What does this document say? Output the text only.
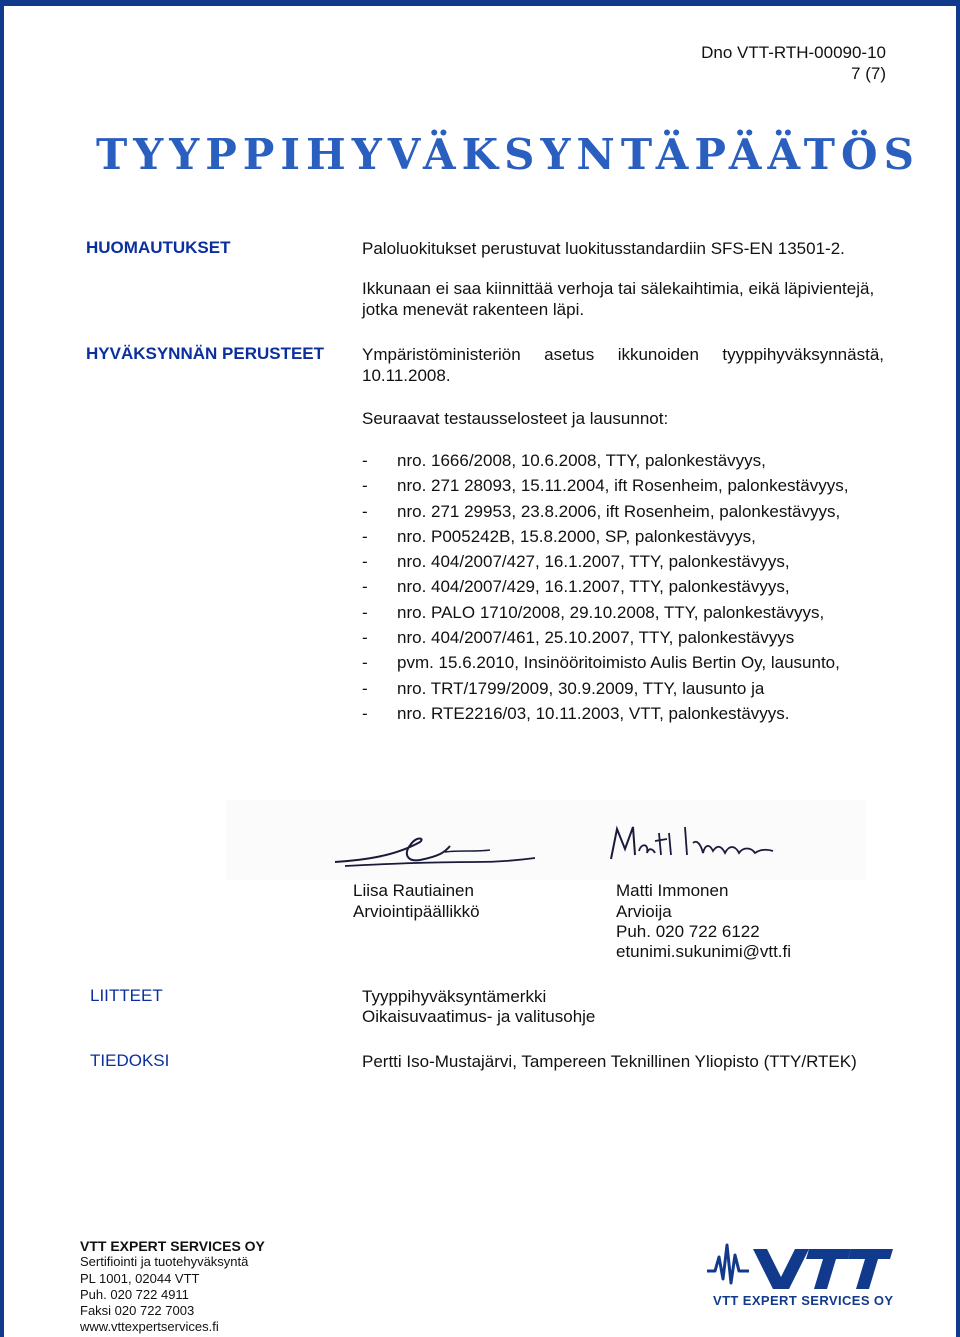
Dno VTT-RTH-00090-10
7 (7)
TYYPPIHYVÄKSYNTÄPÄÄTÖS
HUOMAUTUKSET	Paloluokitukset perustuvat luokitusstandardiin SFS-EN 13501-2.
Ikkunaan ei saa kiinnittää verhoja tai sälekaihtimia, eikä läpivientejä,
jotka menevät rakenteen läpi.
HYVÄKSYNNÄN PERUSTEET Ympäristöministeriön asetus ikkunoiden tyyppihyväksynnästä,
10.11.2008.
Seuraavat testausselosteet ja lausunnot:
- nro. 1666/2008, 10.6.2008, TTY, palonkestävyys,
- nro. 271 28093, 15.11.2004, ift Rosenheim, palonkestävyys,
- nro. 271 29953, 23.8.2006, ift Rosenheim, palonkestävyys,
- nro. P005242B, 15.8.2000, SP, palonkestävyys,
- nro. 404/2007/427, 16.1.2007, TTY, palonkestävyys,
- nro. 404/2007/429, 16.1.2007, TTY, palonkestävyys,
- nro. PALO 1710/2008, 29.10.2008, TTY, palonkestävyys,
- nro. 404/2007/461, 25.10.2007, TTY, palonkestävyys
- pvm. 15.6.2010, Insinööritoimisto Aulis Bertin Oy, lausunto,
- nro. TRT/1799/2009, 30.9.2009, TTY, lausunto ja
- nro. RTE2216/03, 10.11.2003, VTT, palonkestävyys.
Liisa Rautiainen
Arviointipäällikkö
Matti Immonen
Arvioija
Puh. 020 722 6122
etunimi.sukunimi@vtt.fi
LIITTEET	Tyyppihyväksyntämerkki
Oikaisuvaatimus- ja valitusohje
TIEDOKSI	Pertti Iso-Mustajärvi, Tampereen Teknillinen Yliopisto (TTY/RTEK)
VTT EXPERT SERVICES OY
Sertifiointi ja tuotehyväksyntä
PL 1001, 02044 VTT
Puh. 020 722 4911
Faksi 020 722 7003
www.vttexpertservices.fi
VTT EXPERT SERVICES OY
